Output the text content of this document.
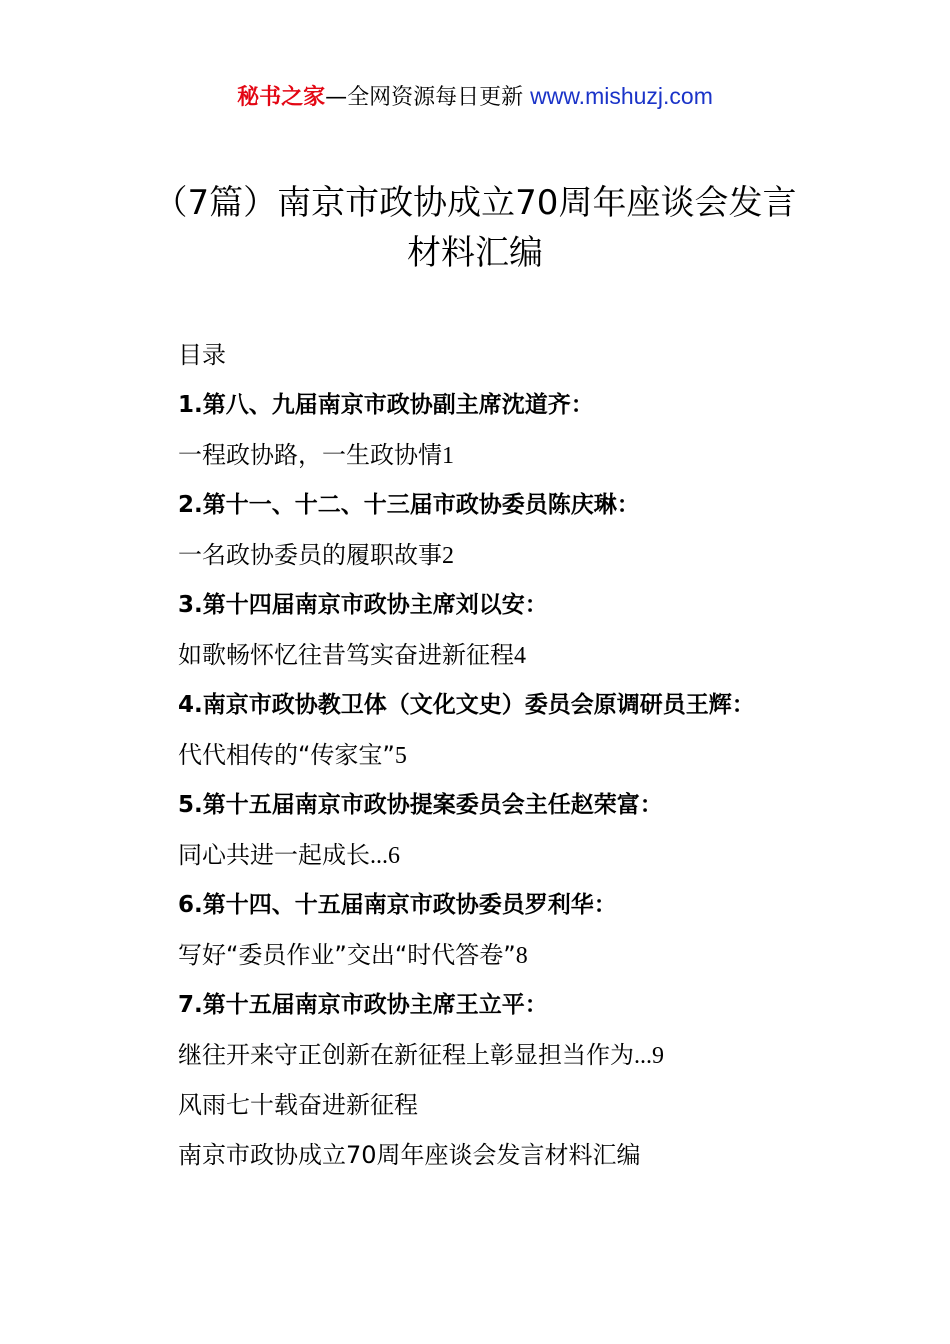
秘书之家—全网资源每日更新 www.mishuzj.com
（7篇）南京市政协成立70周年座谈会发言
材料汇编
目录
1.第八、九届南京市政协副主席沈道齐：
一程政协路，一生政协情1
2.第十一、十二、十三届市政协委员陈庆琳：
一名政协委员的履职故事2
3.第十四届南京市政协主席刘以安：
如歌畅怀忆往昔笃实奋进新征程4
4.南京市政协教卫体（文化文史）委员会原调研员王辉：
代代相传的“传家宝”5
5.第十五届南京市政协提案委员会主任赵荣富：
同心共进一起成长...6
6.第十四、十五届南京市政协委员罗利华：
写好“委员作业”交出“时代答卷”8
7.第十五届南京市政协主席王立平：
继往开来守正创新在新征程上彰显担当作为...9
风雨七十载奋进新征程
南京市政协成立70周年座谈会发言材料汇编
